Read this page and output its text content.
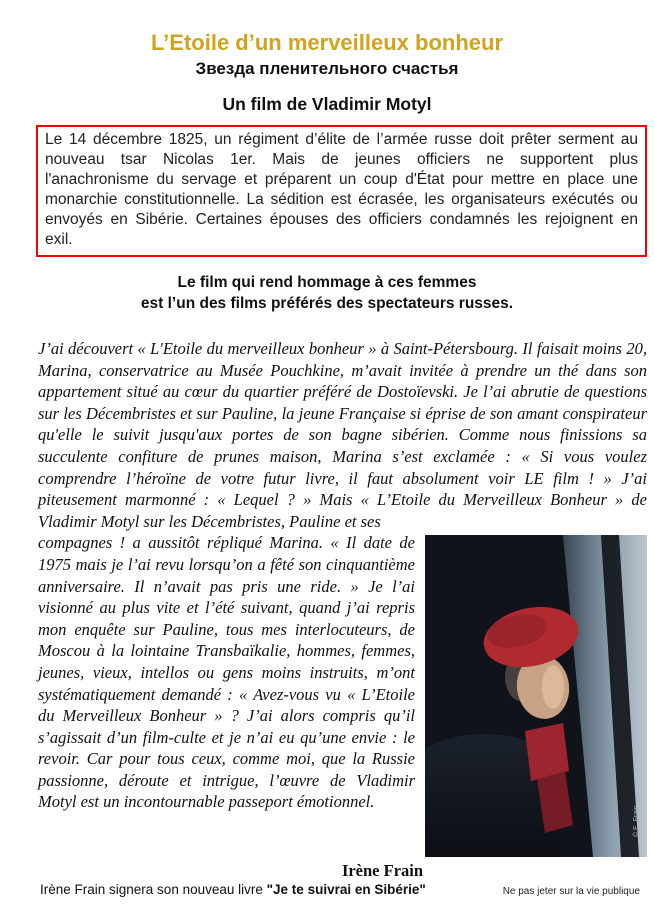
L’Etoile d’un merveilleux bonheur
Звезда пленительного счастья
Un film de Vladimir Motyl

Le 14 décembre 1825, un régiment d’élite de l’armée russe doit prêter serment au nouveau tsar Nicolas 1er. Mais de jeunes officiers ne supportent plus l'anachronisme du servage et préparent un coup d'État pour mettre en place une monarchie constitutionnelle. La sédition est écrasée, les organisateurs exécutés ou envoyés en Sibérie. Certaines épouses des officiers condamnés les rejoignent en exil.

Le film qui rend hommage à ces femmes
est l’un des films préférés des spectateurs russes.

J’ai découvert « L'Etoile du merveilleux bonheur » à Saint-Pétersbourg. Il faisait moins 20, Marina, conservatrice au Musée Pouchkine, m’avait invitée à prendre un thé dans son appartement situé au cœur du quartier préféré de Dostoïevski. Je l’ai abrutie de questions sur les Décembristes et sur Pauline, la jeune Française si éprise de son amant conspirateur qu'elle le suivit jusqu'aux portes de son bagne sibérien. Comme nous finissions sa succulente confiture de prunes maison, Marina s’est exclamée : « Si vous voulez comprendre l’héroïne de votre futur livre, il faut absolument voir LE film ! » J’ai piteusement marmonné : « Lequel ? » Mais « L’Etoile du Merveilleux Bonheur » de Vladimir Motyl sur les Décembristes, Pauline et ses

© E. Frain

compagnes ! a aussitôt répliqué Marina. « Il date de 1975 mais je l’ai revu lorsqu’on a fêté son cinquantième anniversaire. Il n’avait pas pris une ride. » Je l’ai visionné au plus vite et l’été suivant, quand j’ai repris mon enquête sur Pauline, tous mes interlocuteurs, de Moscou à la lointaine Transbaïkalie, hommes, femmes, jeunes, vieux, intellos ou gens moins instruits, m’ont systématiquement demandé : « Avez-vous vu « L’Etoile du Merveilleux Bonheur » ? J’ai alors compris qu’il s’agissait d’un film-culte et je n’ai eu qu’une envie : le revoir. Car pour tous ceux, comme moi, que la Russie passionne, déroute et intrigue, l’œuvre de Vladimir Motyl est un incontournable passeport émotionnel.

Irène Frain
Irène Frain signera son nouveau livre "Je te suivrai en Sibérie"	Ne pas jeter sur la vie publique
